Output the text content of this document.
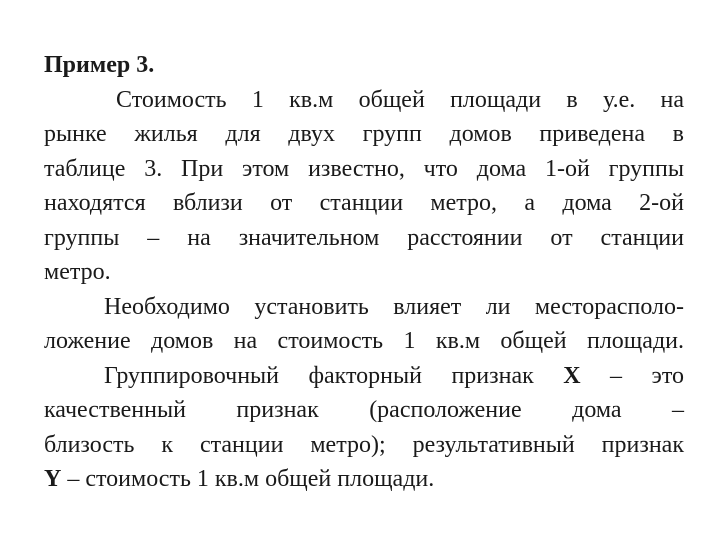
Пример 3.
Стоимость 1 кв.м общей площади в у.е. на
рынке жилья для двух групп домов приведена в
таблице 3. При этом известно, что дома 1-ой группы
находятся вблизи от станции метро, а дома 2-ой
группы – на значительном расстоянии от станции
метро.
Необходимо установить влияет ли месторасполо-
ложение домов на стоимость 1 кв.м общей площади.
Группировочный факторный признак X – это
качественный признак (расположение дома –
близость к станции метро); результативный признак
Y – стоимость 1 кв.м общей площади.
